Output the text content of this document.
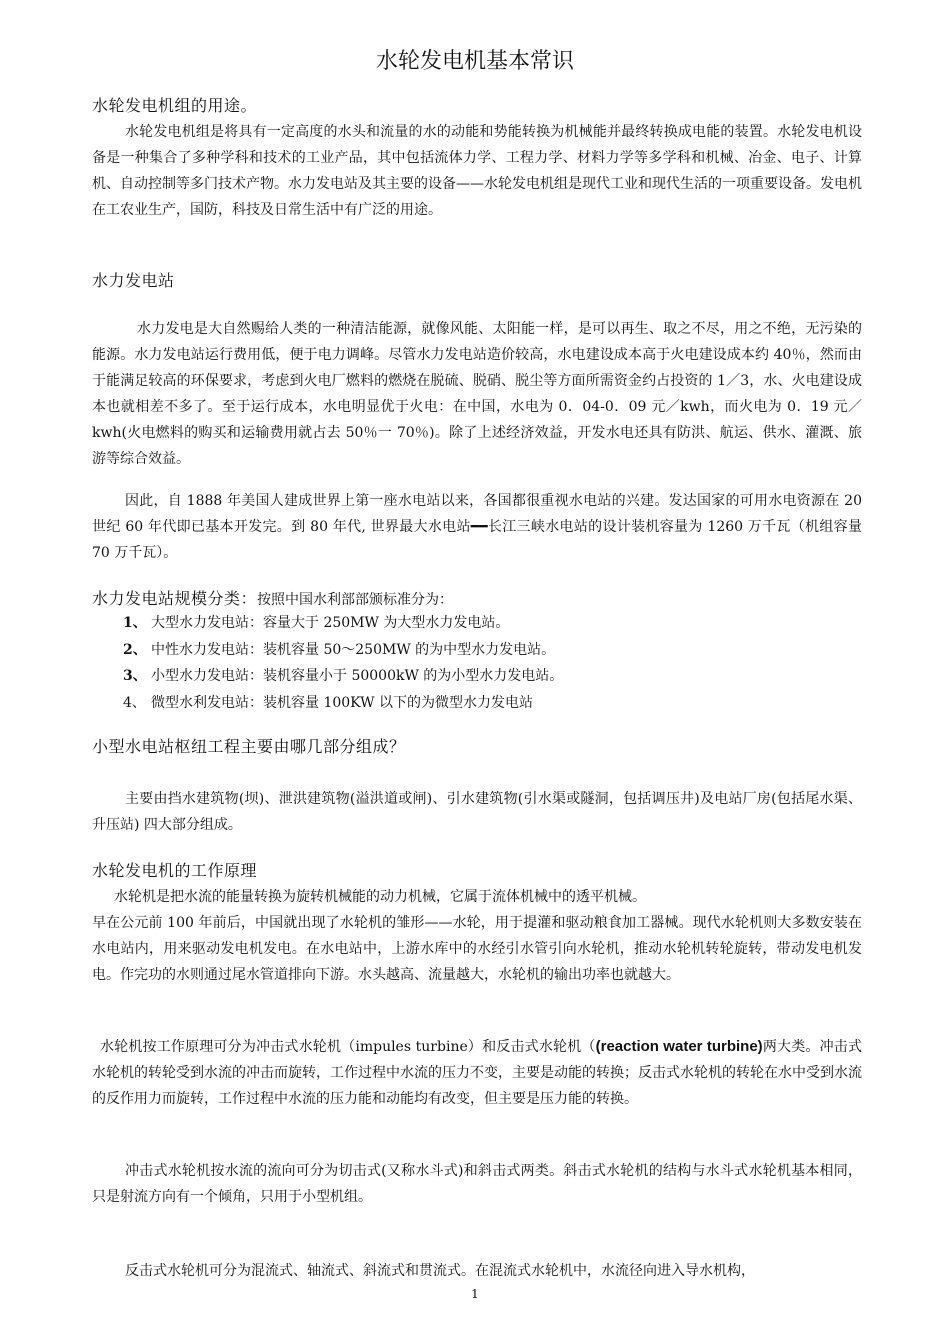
水轮发电机基本常识
水轮发电机组的用途。

水轮发电机组是将具有一定高度的水头和流量的水的动能和势能转换为机械能并最终转换成电能的装置。水轮发电机设备是一种集合了多种学科和技术的工业产品，其中包括流体力学、工程力学、材料力学等多学科和机械、冶金、电子、计算机、自动控制等多门技术产物。水力发电站及其主要的设备——水轮发电机组是现代工业和现代生活的一项重要设备。发电机在工农业生产，国防，科技及日常生活中有广泛的用途。

水力发电站

水力发电是大自然赐给人类的一种清洁能源，就像风能、太阳能一样，是可以再生、取之不尽，用之不绝，无污染的能源。水力发电站运行费用低，便于电力调峰。尽管水力发电站造价较高，水电建设成本高于火电建设成本约 40％，然而由于能满足较高的环保要求，考虑到火电厂燃料的燃烧在脱硫、脱硝、脱尘等方面所需资金约占投资的 1／3，水、火电建设成本也就相差不多了。至于运行成本，水电明显优于火电：在中国，水电为 0．04-0．09 元／kwh，而火电为 0．19 元／kwh(火电燃料的购买和运输费用就占去 50％一 70％)。除了上述经济效益，开发水电还具有防洪、航运、供水、灌溉、旅游等综合效益。

因此，自 1888 年美国人建成世界上第一座水电站以来，各国都很重视水电站的兴建。发达国家的可用水电资源在 20 世纪 60 年代即已基本开发完。到 80 年代, 世界最大水电站━━长江三峡水电站的设计装机容量为 1260 万千瓦（机组容量 70 万千瓦）。

水力发电站规模分类：按照中国水利部部颁标准分为：
1、 大型水力发电站：容量大于 250MW 为大型水力发电站。
2、 中性水力发电站：装机容量 50～250MW 的为中型水力发电站。
3、 小型水力发电站：装机容量小于 50000kW 的为小型水力发电站。
4、 微型水利发电站：装机容量 100KW 以下的为微型水力发电站
小型水电站枢纽工程主要由哪几部分组成？

主要由挡水建筑物(坝)、泄洪建筑物(溢洪道或闸)、引水建筑物(引水渠或隧洞，包括调压井)及电站厂房(包括尾水渠、升压站) 四大部分组成。

水轮发电机的工作原理

水轮机是把水流的能量转换为旋转机械能的动力机械，它属于流体机械中的透平机械。

早在公元前 100 年前后，中国就出现了水轮机的雏形——水轮，用于提灌和驱动粮食加工器械。现代水轮机则大多数安装在水电站内，用来驱动发电机发电。在水电站中，上游水库中的水经引水管引向水轮机，推动水轮机转轮旋转，带动发电机发电。作完功的水则通过尾水管道排向下游。水头越高、流量越大，水轮机的输出功率也就越大。

水轮机按工作原理可分为冲击式水轮机（impules turbine）和反击式水轮机（(reaction water turbine)两大类。冲击式水轮机的转轮受到水流的冲击而旋转，工作过程中水流的压力不变，主要是动能的转换；反击式水轮机的转轮在水中受到水流的反作用力而旋转，工作过程中水流的压力能和动能均有改变，但主要是压力能的转换。

冲击式水轮机按水流的流向可分为切击式(又称水斗式)和斜击式两类。斜击式水轮机的结构与水斗式水轮机基本相同，只是射流方向有一个倾角，只用于小型机组。

反击式水轮机可分为混流式、轴流式、斜流式和贯流式。在混流式水轮机中，水流径向进入导水机构，

1
